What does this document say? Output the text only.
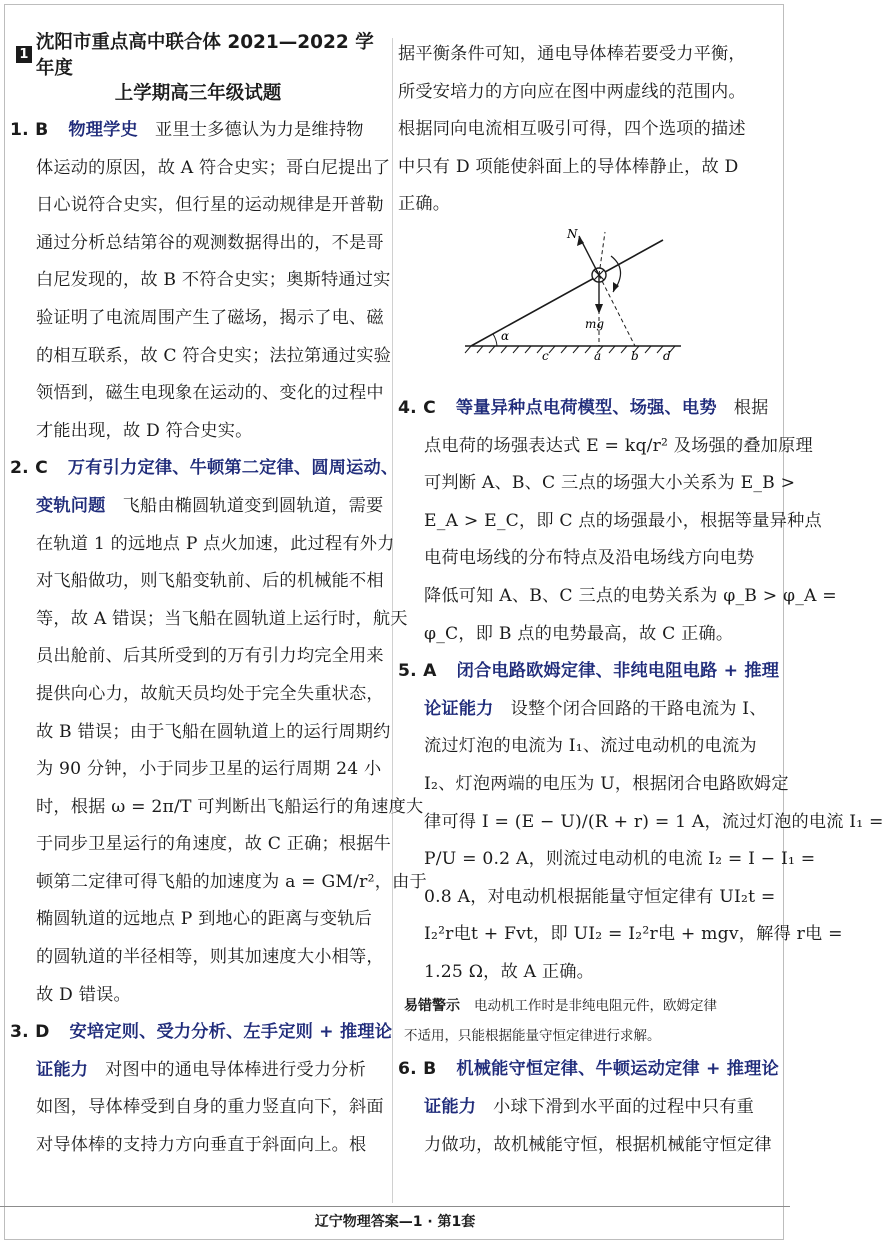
1
沈阳市重点高中联合体 2021—2022 学年度
上学期高三年级试题
1. B 物理学史 亚里士多德认为力是维持物
体运动的原因，故 A 符合史实；哥白尼提出了
日心说符合史实，但行星的运动规律是开普勒
通过分析总结第谷的观测数据得出的，不是哥
白尼发现的，故 B 不符合史实；奥斯特通过实
验证明了电流周围产生了磁场，揭示了电、磁
的相互联系，故 C 符合史实；法拉第通过实验
领悟到，磁生电现象在运动的、变化的过程中
才能出现，故 D 符合史实。
2. C 万有引力定律、牛顿第二定律、圆周运动、
变轨问题 飞船由椭圆轨道变到圆轨道，需要
在轨道 1 的远地点 P 点火加速，此过程有外力
对飞船做功，则飞船变轨前、后的机械能不相
等，故 A 错误；当飞船在圆轨道上运行时，航天
员出舱前、后其所受到的万有引力均完全用来
提供向心力，故航天员均处于完全失重状态，
故 B 错误；由于飞船在圆轨道上的运行周期约
为 90 分钟，小于同步卫星的运行周期 24 小
时，根据 ω = 2π/T 可判断出飞船运行的角速度大
于同步卫星运行的角速度，故 C 正确；根据牛
顿第二定律可得飞船的加速度为 a = GM/r²，由于
椭圆轨道的远地点 P 到地心的距离与变轨后
的圆轨道的半径相等，则其加速度大小相等，
故 D 错误。
3. D 安培定则、受力分析、左手定则 + 推理论
证能力 对图中的通电导体棒进行受力分析
如图，导体棒受到自身的重力竖直向下，斜面
对导体棒的支持力方向垂直于斜面向上。根
据平衡条件可知，通电导体棒若要受力平衡，
所受安培力的方向应在图中两虚线的范围内。
根据同向电流相互吸引可得，四个选项的描述
中只有 D 项能使斜面上的导体棒静止，故 D
正确。
4. C 等量异种点电荷模型、场强、电势 根据
点电荷的场强表达式 E = kq/r² 及场强的叠加原理
可判断 A、B、C 三点的场强大小关系为 E_B >
E_A > E_C，即 C 点的场强最小，根据等量异种点
电荷电场线的分布特点及沿电场线方向电势
降低可知 A、B、C 三点的电势关系为 φ_B > φ_A =
φ_C，即 B 点的电势最高，故 C 正确。
5. A 闭合电路欧姆定律、非纯电阻电路 + 推理
论证能力 设整个闭合回路的干路电流为 I、
流过灯泡的电流为 I₁、流过电动机的电流为
I₂、灯泡两端的电压为 U，根据闭合电路欧姆定
律可得 I = (E − U)/(R + r) = 1 A，流过灯泡的电流 I₁ =
P/U = 0.2 A，则流过电动机的电流 I₂ = I − I₁ =
0.8 A，对电动机根据能量守恒定律有 UI₂t =
I₂²r电t + Fvt，即 UI₂ = I₂²r电 + mgv，解得 r电 =
1.25 Ω，故 A 正确。
易错警示 电动机工作时是非纯电阻元件，欧姆定律
不适用，只能根据能量守恒定律进行求解。
6. B 机械能守恒定律、牛顿运动定律 + 推理论
证能力 小球下滑到水平面的过程中只有重
力做功，故机械能守恒，根据机械能守恒定律
α
N
mg
c	a b d
辽宁物理答案—1 · 第1套
